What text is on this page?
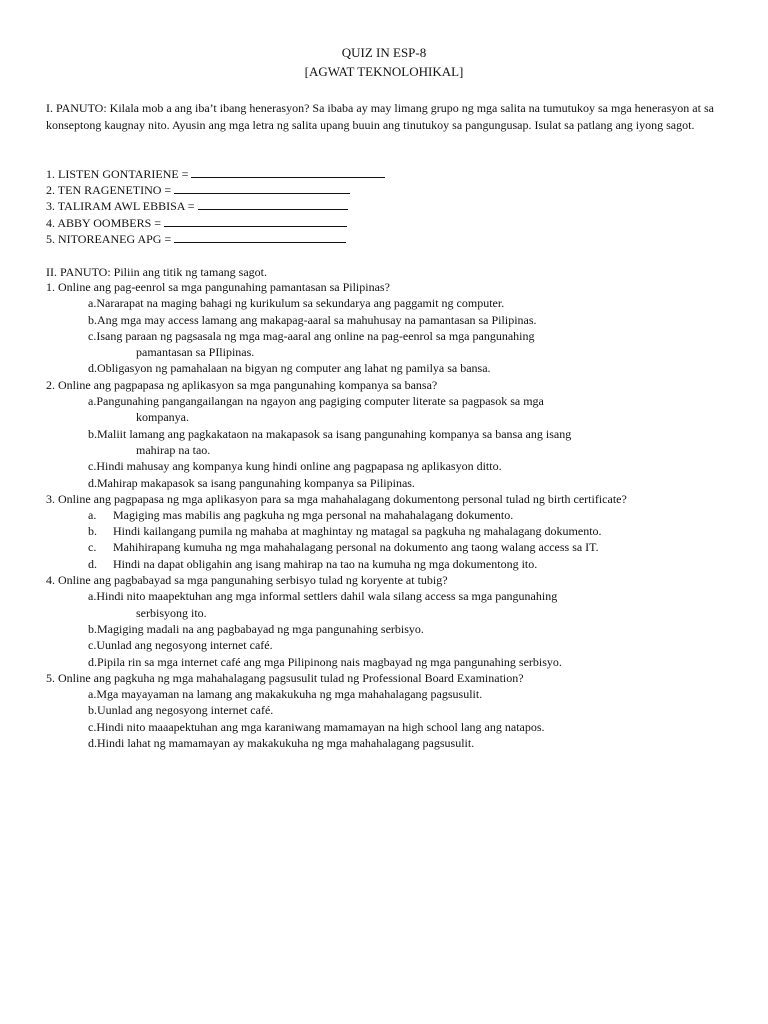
QUIZ IN ESP-8
[AGWAT TEKNOLOHIKAL]

I. PANUTO: Kilala mob a ang iba’t ibang henerasyon? Sa ibaba ay may limang grupo ng mga salita na tumutukoy sa mga henerasyon at sa konseptong kaugnay nito. Ayusin ang mga letra ng salita upang buuin ang tinutukoy sa pangungusap. Isulat sa patlang ang iyong sagot.

1. LISTEN GONTARIENE =
2. TEN RAGENETINO =
3. TALIRAM AWL EBBISA =
4. ABBY OOMBERS =
5. NITOREANEG APG =

II. PANUTO: Piliin ang titik ng tamang sagot.

1. Online ang pag-eenrol sa mga pangunahing pamantasan sa Pilipinas?
a.Nararapat na maging bahagi ng kurikulum sa sekundarya ang paggamit ng computer.
b.Ang mga may access lamang ang makapag-aaral sa mahuhusay na pamantasan sa Pilipinas.
c.Isang paraan ng pagsasala ng mga mag-aaral ang online na pag-eenrol sa mga pangunahing
pamantasan sa PIlipinas.
d.Obligasyon ng pamahalaan na bigyan ng computer ang lahat ng pamilya sa bansa.
2. Online ang pagpapasa ng aplikasyon sa mga pangunahing kompanya sa bansa?
a.Pangunahing pangangailangan na ngayon ang pagiging computer literate sa pagpasok sa mga
kompanya.
b.Maliit lamang ang pagkakataon na makapasok sa isang pangunahing kompanya sa bansa ang isang
mahirap na tao.
c.Hindi mahusay ang kompanya kung hindi online ang pagpapasa ng aplikasyon ditto.
d.Mahirap makapasok sa isang pangunahing kompanya sa Pilipinas.
3. Online ang pagpapasa ng mga aplikasyon para sa mga mahahalagang dokumentong personal tulad ng birth certificate?
a. Magiging mas mabilis ang pagkuha ng mga personal na mahahalagang dokumento.
b. Hindi kailangang pumila ng mahaba at maghintay ng matagal sa pagkuha ng mahalagang dokumento.
c. Mahihirapang kumuha ng mga mahahalagang personal na dokumento ang taong walang access sa IT.
d. Hindi na dapat obligahin ang isang mahirap na tao na kumuha ng mga dokumentong ito.
4. Online ang pagbabayad sa mga pangunahing serbisyo tulad ng koryente at tubig?
a.Hindi nito maapektuhan ang mga informal settlers dahil wala silang access sa mga pangunahing
serbisyong ito.
b.Magiging madali na ang pagbabayad ng mga pangunahing serbisyo.
c.Uunlad ang negosyong internet café.
d.Pipila rin sa mga internet café ang mga Pilipinong nais magbayad ng mga pangunahing serbisyo.
5. Online ang pagkuha ng mga mahahalagang pagsusulit tulad ng Professional Board Examination?
a.Mga mayayaman na lamang ang makakukuha ng mga mahahalagang pagsusulit.
b.Uunlad ang negosyong internet café.
c.Hindi nito maaapektuhan ang mga karaniwang mamamayan na high school lang ang natapos.
d.Hindi lahat ng mamamayan ay makakukuha ng mga mahahalagang pagsusulit.
